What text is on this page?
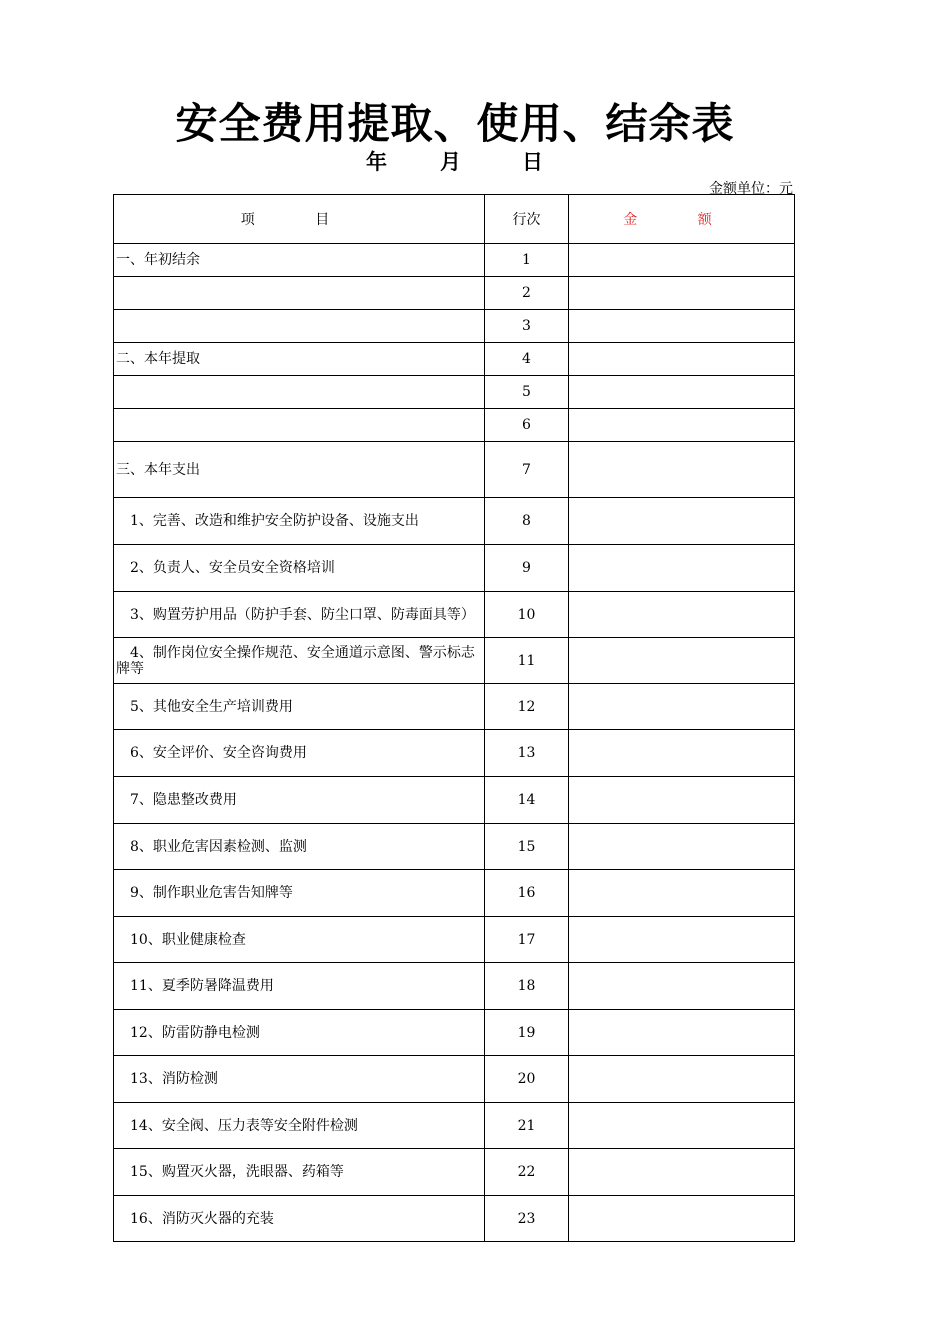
安全费用提取、使用、结余表
年	月	日
金额单位：元
项 目	行次	金 额
一、年初结余	1	
	2	
	3	
二、本年提取	4	
	5	
	6	
三、本年支出	7	
1、完善、改造和维护安全防护设备、设施支出	8	
2、负责人、安全员安全资格培训	9	
3、购置劳护用品（防护手套、防尘口罩、防毒面具等）	10	
4、制作岗位安全操作规范、安全通道示意图、警示标志牌等	11	
5、其他安全生产培训费用	12	
6、安全评价、安全咨询费用	13	
7、隐患整改费用	14	
8、职业危害因素检测、监测	15	
9、制作职业危害告知牌等	16	
10、职业健康检查	17	
11、夏季防暑降温费用	18	
12、防雷防静电检测	19	
13、消防检测	20	
14、安全阀、压力表等安全附件检测	21	
15、购置灭火器，洗眼器、药箱等	22	
16、消防灭火器的充装	23	
